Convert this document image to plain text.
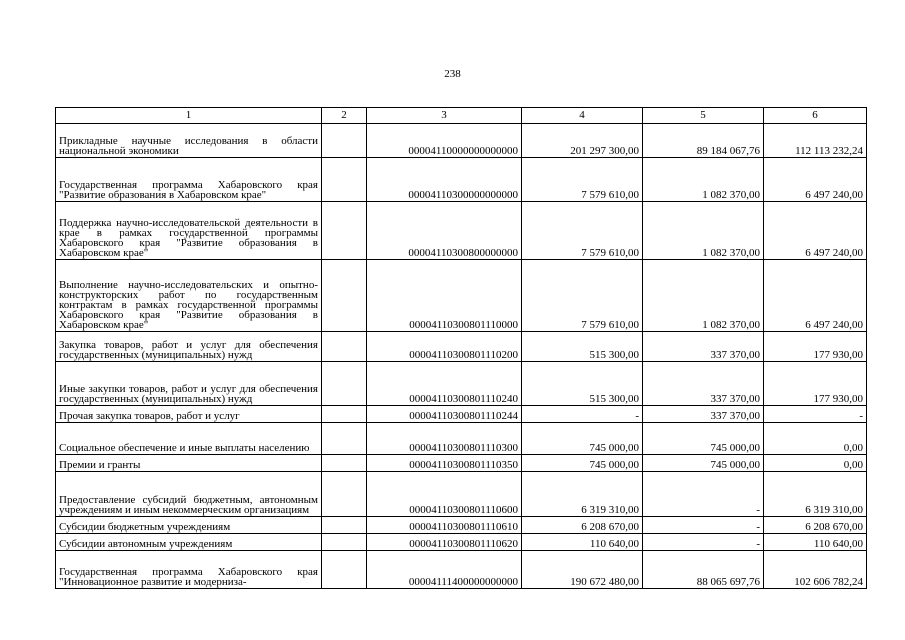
238
1	2	3	4	5	6
Прикладные научные исследования в области национальной экономики		00004110000000000000	201 297 300,00	89 184 067,76	112 113 232,24
Государственная программа Хабаровского края "Развитие образования в Хабаровском крае"		00004110300000000000	7 579 610,00	1 082 370,00	6 497 240,00
Поддержка научно-исследовательской деятельности в крае в рамках государственной программы Хабаровского края "Развитие образования в Хабаровском крае"		00004110300800000000	7 579 610,00	1 082 370,00	6 497 240,00
Выполнение научно-исследовательских и опытно-конструкторских работ по государственным контрактам в рамках государственной программы Хабаровского края "Развитие образования в Хабаровском крае"		00004110300801110000	7 579 610,00	1 082 370,00	6 497 240,00
Закупка товаров, работ и услуг для обеспечения государственных (муниципальных) нужд		00004110300801110200	515 300,00	337 370,00	177 930,00
Иные закупки товаров, работ и услуг для обеспечения государственных (муниципальных) нужд		00004110300801110240	515 300,00	337 370,00	177 930,00
Прочая закупка товаров, работ и услуг		00004110300801110244	-	337 370,00	-
Социальное обеспечение и иные выплаты населению		00004110300801110300	745 000,00	745 000,00	0,00
Премии и гранты		00004110300801110350	745 000,00	745 000,00	0,00
Предоставление субсидий бюджетным, автономным учреждениям и иным некоммерческим организациям		00004110300801110600	6 319 310,00	-	6 319 310,00
Субсидии бюджетным учреждениям		00004110300801110610	6 208 670,00	-	6 208 670,00
Субсидии автономным учреждениям		00004110300801110620	110 640,00	-	110 640,00
Государственная программа Хабаровского края "Инновационное развитие и модерниза-		00004111400000000000	190 672 480,00	88 065 697,76	102 606 782,24
